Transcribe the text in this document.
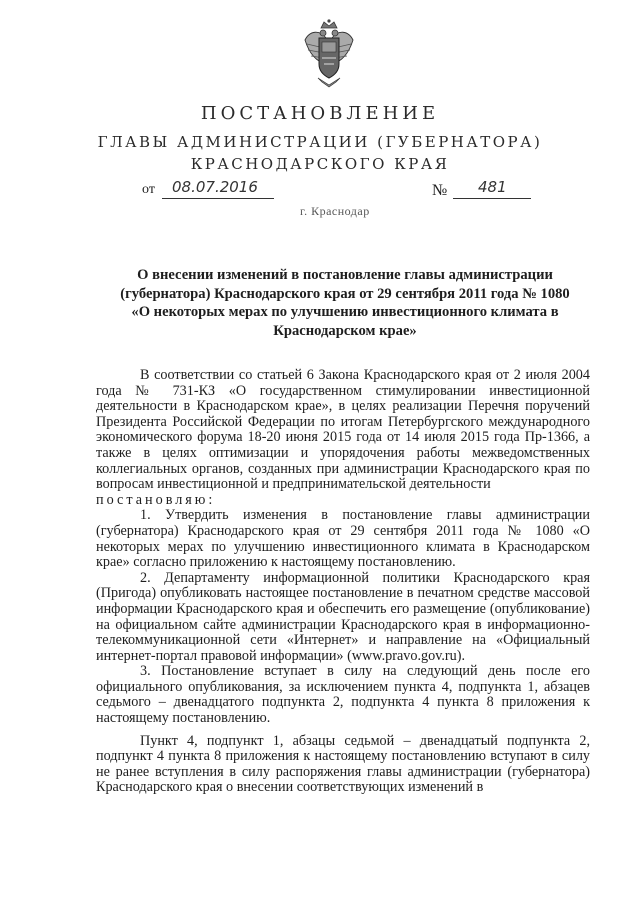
ПОСТАНОВЛЕНИЕ
ГЛАВЫ АДМИНИСТРАЦИИ (ГУБЕРНАТОРА)
КРАСНОДАРСКОГО КРАЯ
от 08.07.2016	№ 481
г. Краснодар
О внесении изменений в постановление главы администрации (губернатора) Краснодарского края от 29 сентября 2011 года № 1080 «О некоторых мерах по улучшению инвестиционного климата в Краснодарском крае»

В соответствии со статьей 6 Закона Краснодарского края от 2 июля 2004 года № 731-КЗ «О государственном стимулировании инвестиционной деятельности в Краснодарском крае», в целях реализации Перечня поручений Президента Российской Федерации по итогам Петербургского международного экономического форума 18-20 июня 2015 года от 14 июля 2015 года Пр-1366, а также в целях оптимизации и упорядочения работы межведомственных коллегиальных органов, созданных при администрации Краснодарского края по вопросам инвестиционной и предпринимательской деятельности

постановляю:

1. Утвердить изменения в постановление главы администрации (губернатора) Краснодарского края от 29 сентября 2011 года № 1080 «О некоторых мерах по улучшению инвестиционного климата в Краснодарском крае» согласно приложению к настоящему постановлению.

2. Департаменту информационной политики Краснодарского края (Пригода) опубликовать настоящее постановление в печатном средстве массовой информации Краснодарского края и обеспечить его размещение (опубликование) на официальном сайте администрации Краснодарского края в информационно-телекоммуникационной сети «Интернет» и направление на «Официальный интернет-портал правовой информации» (www.pravo.gov.ru).

3. Постановление вступает в силу на следующий день после его официального опубликования, за исключением пункта 4, подпункта 1, абзацев седьмого – двенадцатого подпункта 2, подпункта 4 пункта 8 приложения к настоящему постановлению.

Пункт 4, подпункт 1, абзацы седьмой – двенадцатый подпункта 2, подпункт 4 пункта 8 приложения к настоящему постановлению вступают в силу не ранее вступления в силу распоряжения главы администрации (губернатора) Краснодарского края о внесении соответствующих изменений в
